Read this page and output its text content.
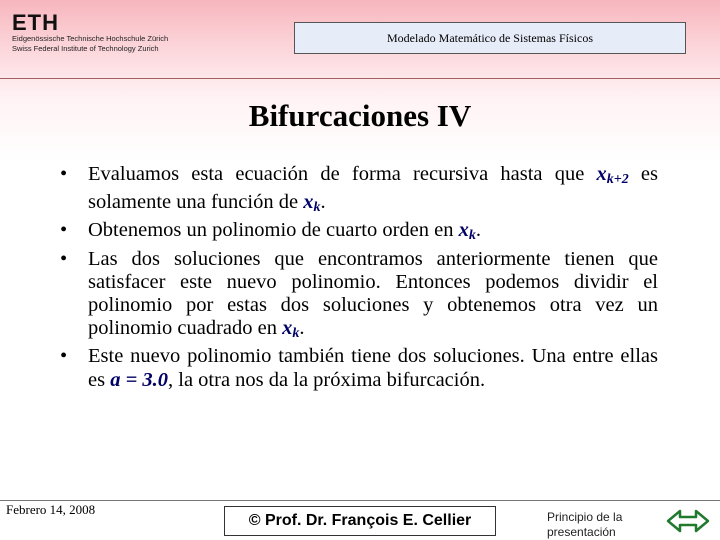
ETH
Eidgenössische Technische Hochschule Zürich
Swiss Federal Institute of Technology Zurich
Modelado Matemático de Sistemas Físicos
Bifurcaciones IV
• Evaluamos esta ecuación de forma recursiva hasta que $x_{k+2}$ es solamente una función de $x_k$.
• Obtenemos un polinomio de cuarto orden en $x_k$.
• Las dos soluciones que encontramos anteriormente tienen que satisfacer este nuevo polinomio. Entonces podemos dividir el polinomio por estas dos soluciones y obtenemos otra vez un polinomio cuadrado en $x_k$.
• Este nuevo polinomio también tiene dos soluciones. Una entre ellas es a = 3.0, la otra nos da la próxima bifurcación.
Febrero 14, 2008
© Prof. Dr. François E. Cellier	Principio de la presentación
